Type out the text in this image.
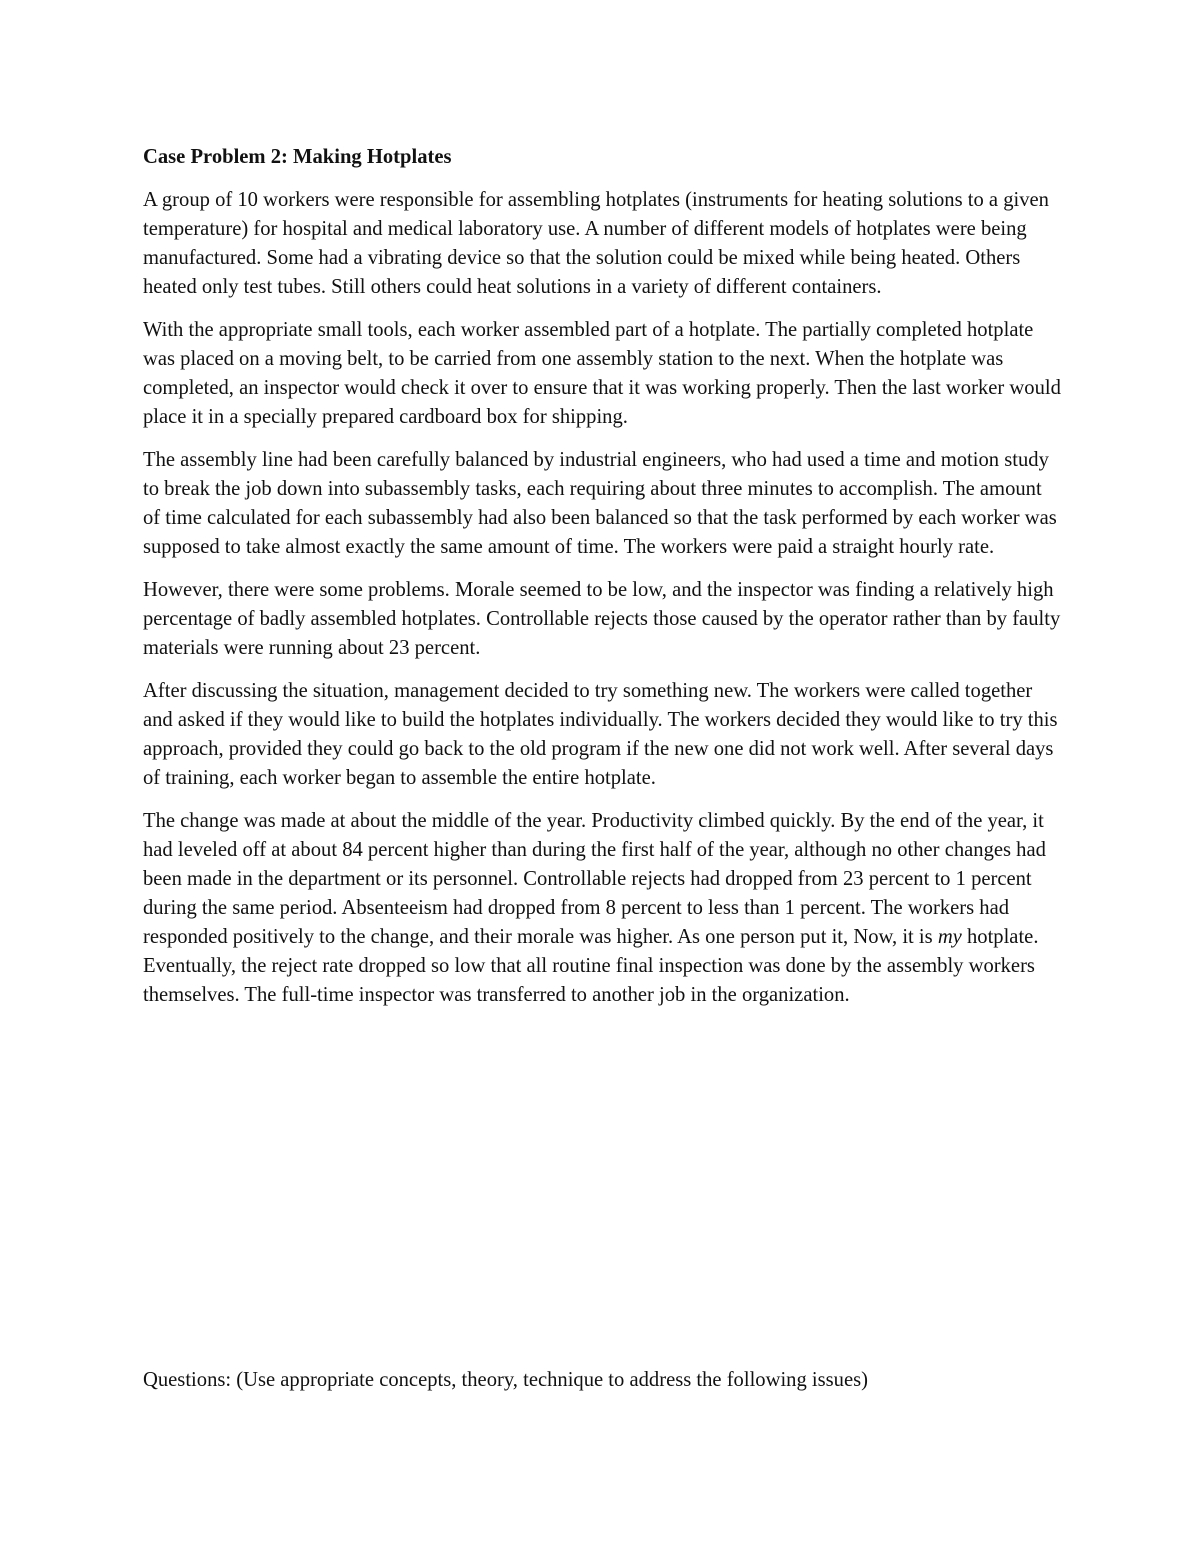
Case Problem 2: Making Hotplates

A group of 10 workers were responsible for assembling hotplates (instruments for heating solutions to a given temperature) for hospital and medical laboratory use. A number of different models of hotplates were being manufactured. Some had a vibrating device so that the solution could be mixed while being heated. Others heated only test tubes. Still others could heat solutions in a variety of different containers.

With the appropriate small tools, each worker assembled part of a hotplate. The partially completed hotplate was placed on a moving belt, to be carried from one assembly station to the next. When the hotplate was completed, an inspector would check it over to ensure that it was working properly. Then the last worker would place it in a specially prepared cardboard box for shipping.

The assembly line had been carefully balanced by industrial engineers, who had used a time and motion study to break the job down into subassembly tasks, each requiring about three minutes to accomplish. The amount of time calculated for each subassembly had also been balanced so that the task performed by each worker was supposed to take almost exactly the same amount of time. The workers were paid a straight hourly rate.

However, there were some problems. Morale seemed to be low, and the inspector was finding a relatively high percentage of badly assembled hotplates. Controllable rejects those caused by the operator rather than by faulty materials were running about 23 percent.

After discussing the situation, management decided to try something new. The workers were called together and asked if they would like to build the hotplates individually. The workers decided they would like to try this approach, provided they could go back to the old program if the new one did not work well. After several days of training, each worker began to assemble the entire hotplate.

The change was made at about the middle of the year. Productivity climbed quickly. By the end of the year, it had leveled off at about 84 percent higher than during the first half of the year, although no other changes had been made in the department or its personnel. Controllable rejects had dropped from 23 percent to 1 percent during the same period. Absenteeism had dropped from 8 percent to less than 1 percent. The workers had responded positively to the change, and their morale was higher. As one person put it, Now, it is my hotplate. Eventually, the reject rate dropped so low that all routine final inspection was done by the assembly workers themselves. The full-time inspector was transferred to another job in the organization.

Questions: (Use appropriate concepts, theory, technique to address the following issues)
